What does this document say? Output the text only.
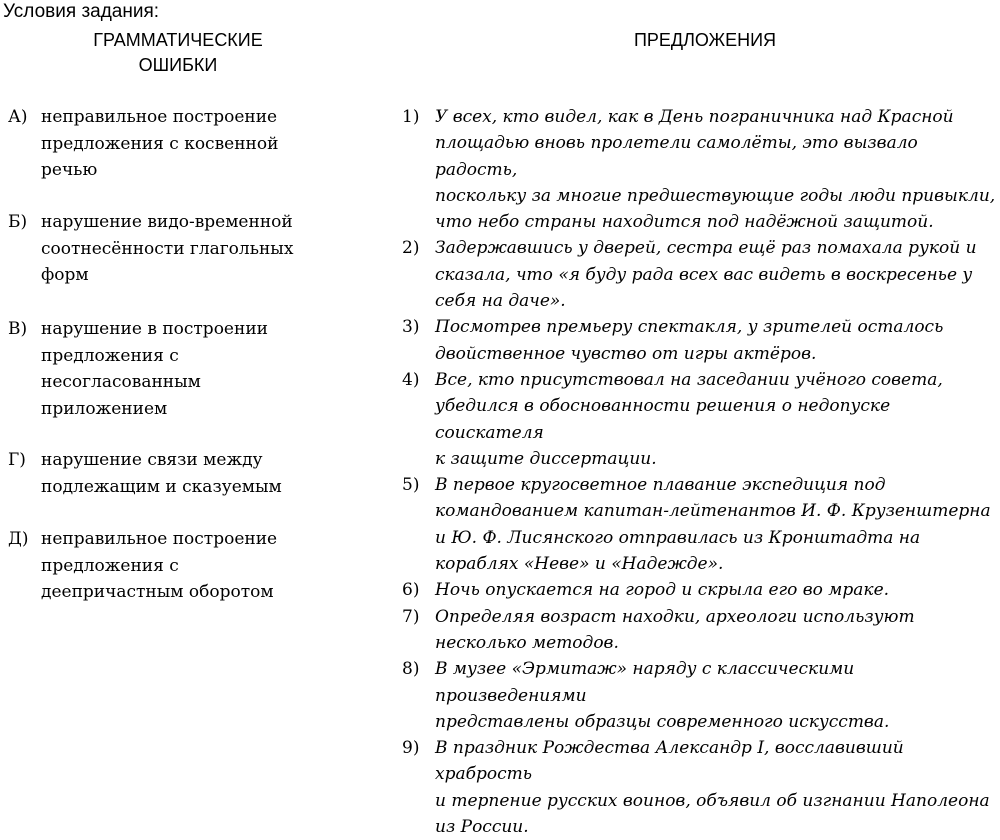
Условия задания:
ГРАММАТИЧЕСКИЕ ОШИБКИ
ПРЕДЛОЖЕНИЯ
А) неправильное построение предложения с косвенной речью
Б) нарушение видо-временной соотнесённости глагольных форм
В) нарушение в построении предложения с несогласованным приложением
Г) нарушение связи между подлежащим и сказуемым
Д) неправильное построение предложения с деепричастным оборотом
1) У всех, кто видел, как в День пограничника над Красной
площадью вновь пролетели самолёты, это вызвало радость,
поскольку за многие предшествующие годы люди привыкли,
что небо страны находится под надёжной защитой.
2) Задержавшись у дверей, сестра ещё раз помахала рукой и
сказала, что «я буду рада всех вас видеть в воскресенье у
себя на даче».
3) Посмотрев премьеру спектакля, у зрителей осталось
двойственное чувство от игры актёров.
4) Все, кто присутствовал на заседании учёного совета,
убедился в обоснованности решения о недопуске соискателя
к защите диссертации.
5) В первое кругосветное плавание экспедиция под
командованием капитан-лейтенантов И. Ф. Крузенштерна
и Ю. Ф. Лисянского отправилась из Кронштадта на
кораблях «Неве» и «Надежде».
6) Ночь опускается на город и скрыла его во мраке.
7) Определяя возраст находки, археологи используют
несколько методов.
8) В музее «Эрмитаж» наряду с классическими произведениями
представлены образцы современного искусства.
9) В праздник Рождества Александр I, восславивший храбрость
и терпение русских воинов, объявил об изгнании Наполеона
из России.
